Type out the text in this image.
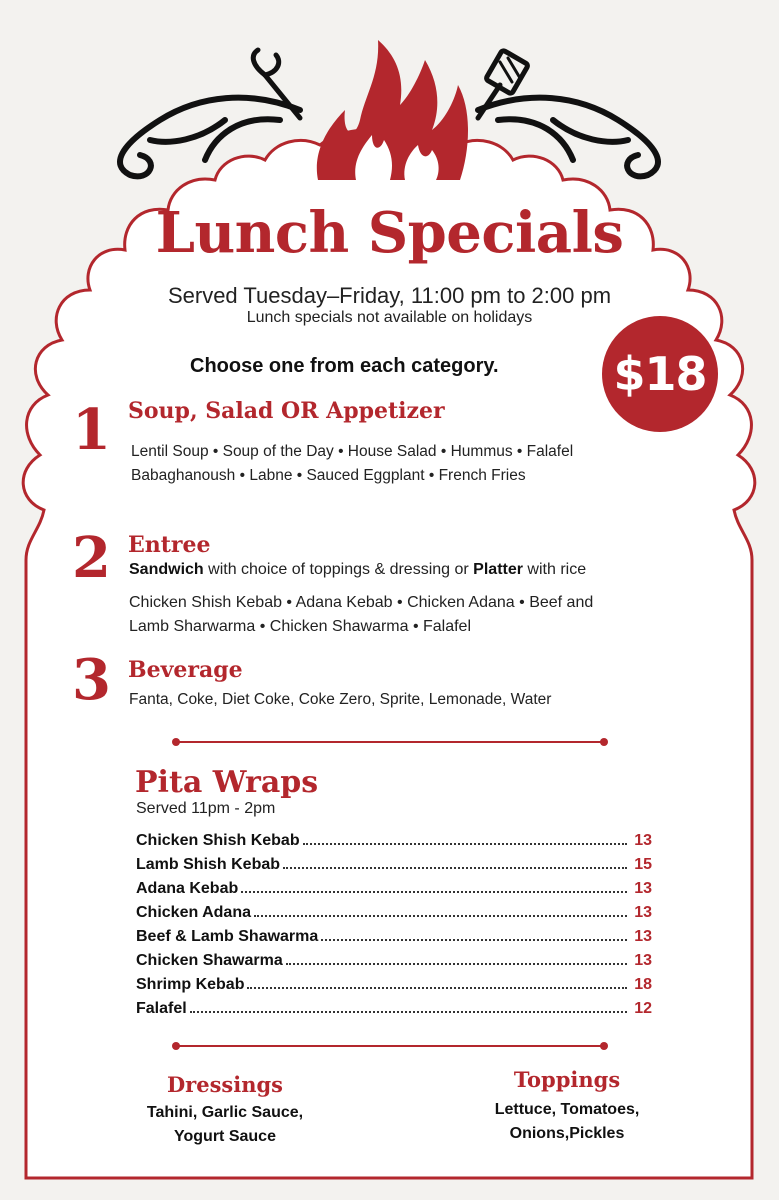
Lunch Specials
Served Tuesday–Friday, 11:00 pm to 2:00 pm
Lunch specials not available on holidays
Choose one from each category. $18
1 Soup, Salad OR Appetizer
Lentil Soup • Soup of the Day • House Salad • Hummus • Falafel
Babaghanoush • Labne • Sauced Eggplant • French Fries
2 Entree
Sandwich with choice of toppings & dressing or Platter with rice
Chicken Shish Kebab • Adana Kebab • Chicken Adana • Beef and
Lamb Sharwarma • Chicken Shawarma • Falafel
3 Beverage
Fanta, Coke, Diet Coke, Coke Zero, Sprite, Lemonade, Water
Pita Wraps
Served 11pm - 2pm
Chicken Shish Kebab	13
Lamb Shish Kebab	15
Adana Kebab	13
Chicken Adana	13
Beef & Lamb Shawarma	13
Chicken Shawarma	13
Shrimp Kebab	18
Falafel	12
Dressings
Tahini, Garlic Sauce,
Yogurt Sauce
Toppings
Lettuce, Tomatoes,
Onions,Pickles
